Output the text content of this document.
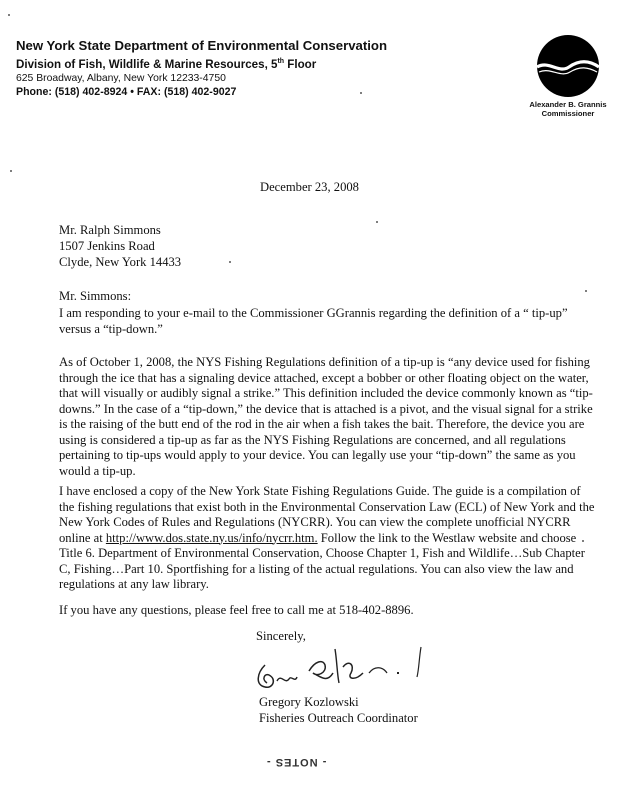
New York State Department of Environmental Conservation
Division of Fish, Wildlife & Marine Resources, 5th Floor
625 Broadway, Albany, New York 12233-4750
Phone: (518) 402-8924 • FAX: (518) 402-9027
Alexander B. Grannis
Commissioner
December 23, 2008
Mr. Ralph Simmons
1507 Jenkins Road
Clyde, New York 14433
Mr. Simmons:

I am responding to your e-mail to the Commissioner GGrannis regarding the definition of a “ tip-up” versus a “tip-down.”

As of October 1, 2008, the NYS Fishing Regulations definition of a tip-up is “any device used for fishing through the ice that has a signaling device attached, except a bobber or other floating object on the water, that will visually or audibly signal a strike.” This definition included the device commonly known as “tip-downs.” In the case of a “tip-down,” the device that is attached is a pivot, and the visual signal for a strike is the raising of the butt end of the rod in the air when a fish takes the bait. Therefore, the device you are using is considered a tip-up as far as the NYS Fishing Regulations are concerned, and all regulations pertaining to tip-ups would apply to your device. You can legally use your “tip-down” the same as you would a tip-up.

I have enclosed a copy of the New York State Fishing Regulations Guide. The guide is a compilation of the fishing regulations that exist both in the Environmental Conservation Law (ECL) of New York and the New York Codes of Rules and Regulations (NYCRR). You can view the complete unofficial NYCRR online at http://www.dos.state.ny.us/info/nycrr.htm. Follow the link to the Westlaw website and choose Title 6. Department of Environmental Conservation, Choose Chapter 1, Fish and Wildlife…Sub Chapter C, Fishing…Part 10. Sportfishing for a listing of the actual regulations. You can also view the law and regulations at any law library.

If you have any questions, please feel free to call me at 518-402-8896.

Sincerely,
Gregory Kozlowski
Fisheries Outreach Coordinator
- NOTES -
